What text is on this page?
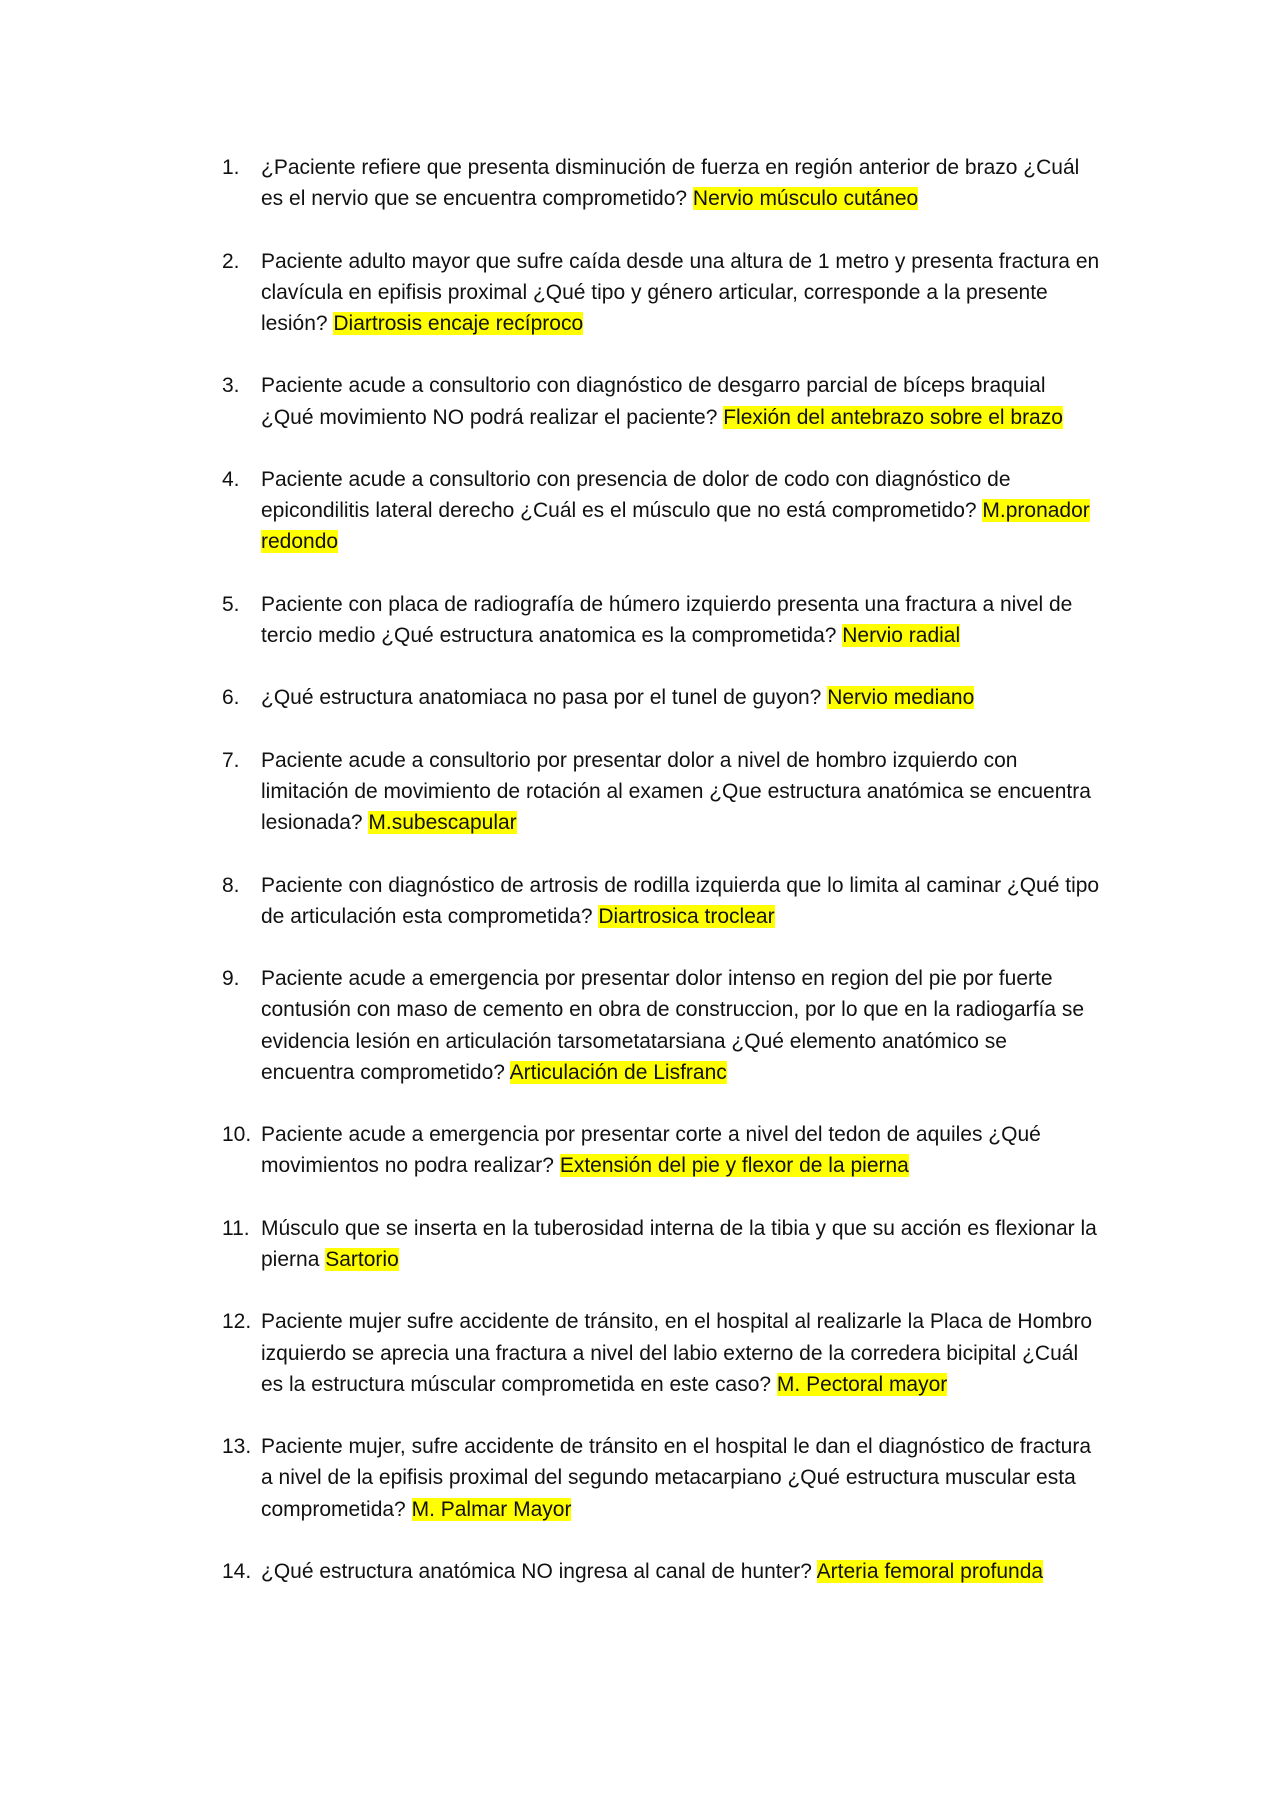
1.	¿Paciente refiere que presenta disminución de fuerza en región anterior de brazo ¿Cuál es el nervio que se encuentra comprometido? Nervio músculo cutáneo
2.	Paciente adulto mayor que sufre caída desde una altura de 1 metro y presenta fractura en clavícula en epifisis proximal ¿Qué tipo y género articular, corresponde a la presente lesión? Diartrosis encaje recíproco
3.	Paciente acude a consultorio con diagnóstico de desgarro parcial de bíceps braquial ¿Qué movimiento NO podrá realizar el paciente? Flexión del antebrazo sobre el brazo
4.	Paciente acude a consultorio con presencia de dolor de codo con diagnóstico de epicondilitis lateral derecho ¿Cuál es el músculo que no está comprometido? M.pronador redondo
5.	Paciente con placa de radiografía de húmero izquierdo presenta una fractura a nivel de tercio medio ¿Qué estructura anatomica es la comprometida? Nervio radial
6.	¿Qué estructura anatomiaca no pasa por el tunel de guyon? Nervio mediano
7.	Paciente acude a consultorio por presentar dolor a nivel de hombro izquierdo con limitación de movimiento de rotación al examen ¿Que estructura anatómica se encuentra lesionada? M.subescapular
8.	Paciente con diagnóstico de artrosis de rodilla izquierda que lo limita al caminar ¿Qué tipo de articulación esta comprometida? Diartrosica troclear
9.	Paciente acude a emergencia por presentar dolor intenso en region del pie por fuerte contusión con maso de cemento en obra de construccion, por lo que en la radiogarfía se evidencia lesión en articulación tarsometatarsiana ¿Qué elemento anatómico se encuentra comprometido? Articulación de Lisfranc
10. Paciente acude a emergencia por presentar corte a nivel del tedon de aquiles ¿Qué movimientos no podra realizar? Extensión del pie y flexor de la pierna
11. Músculo que se inserta en la tuberosidad interna de la tibia y que su acción es flexionar la pierna Sartorio
12. Paciente mujer sufre accidente de tránsito, en el hospital al realizarle la Placa de Hombro izquierdo se aprecia una fractura a nivel del labio externo de la corredera bicipital ¿Cuál es la estructura múscular comprometida en este caso? M. Pectoral mayor
13. Paciente mujer, sufre accidente de tránsito en el hospital le dan el diagnóstico de fractura a nivel de la epifisis proximal del segundo metacarpiano ¿Qué estructura muscular esta comprometida? M. Palmar Mayor
14. ¿Qué estructura anatómica NO ingresa al canal de hunter? Arteria femoral profunda
